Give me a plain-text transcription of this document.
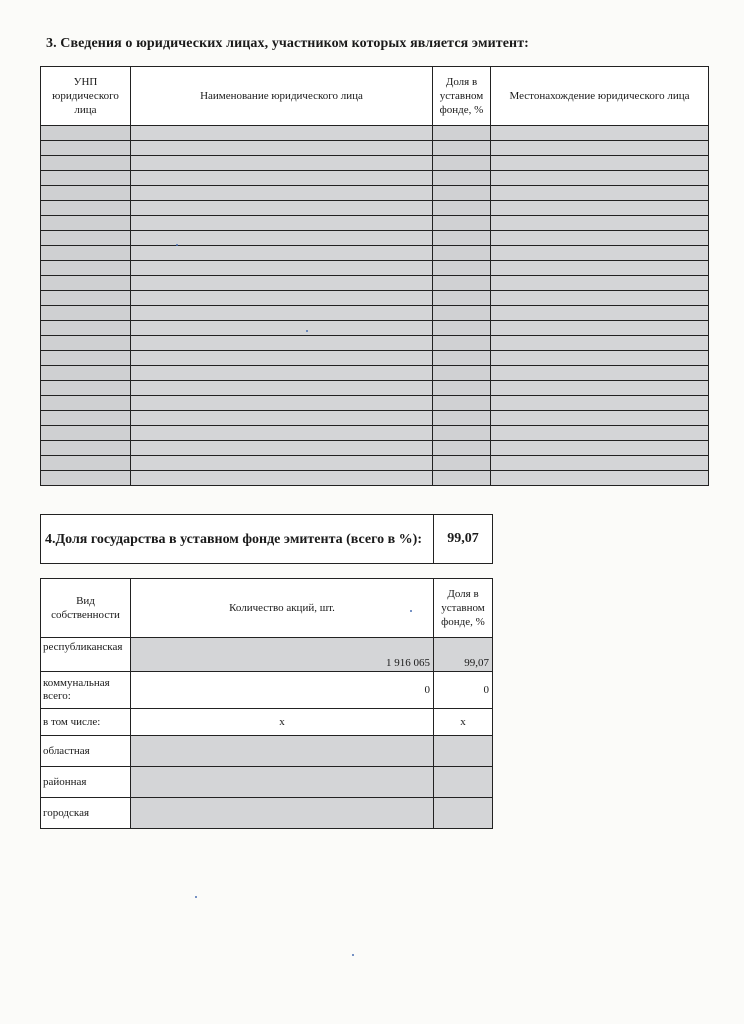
3. Сведения о юридических лицах, участником которых является эмитент:
УНП юридического лица	Наименование юридического лица	Доля в уставном фонде, %	Местонахождение юридического лица

4.Доля государства в уставном фонде эмитента (всего в %):	99,07
Вид собственности	Количество акций, шт.	Доля в уставном фонде, %
республиканская	1 916 065	99,07
коммунальная всего:	0	0
в том числе:	x	x
областная		
районная		
городская		
